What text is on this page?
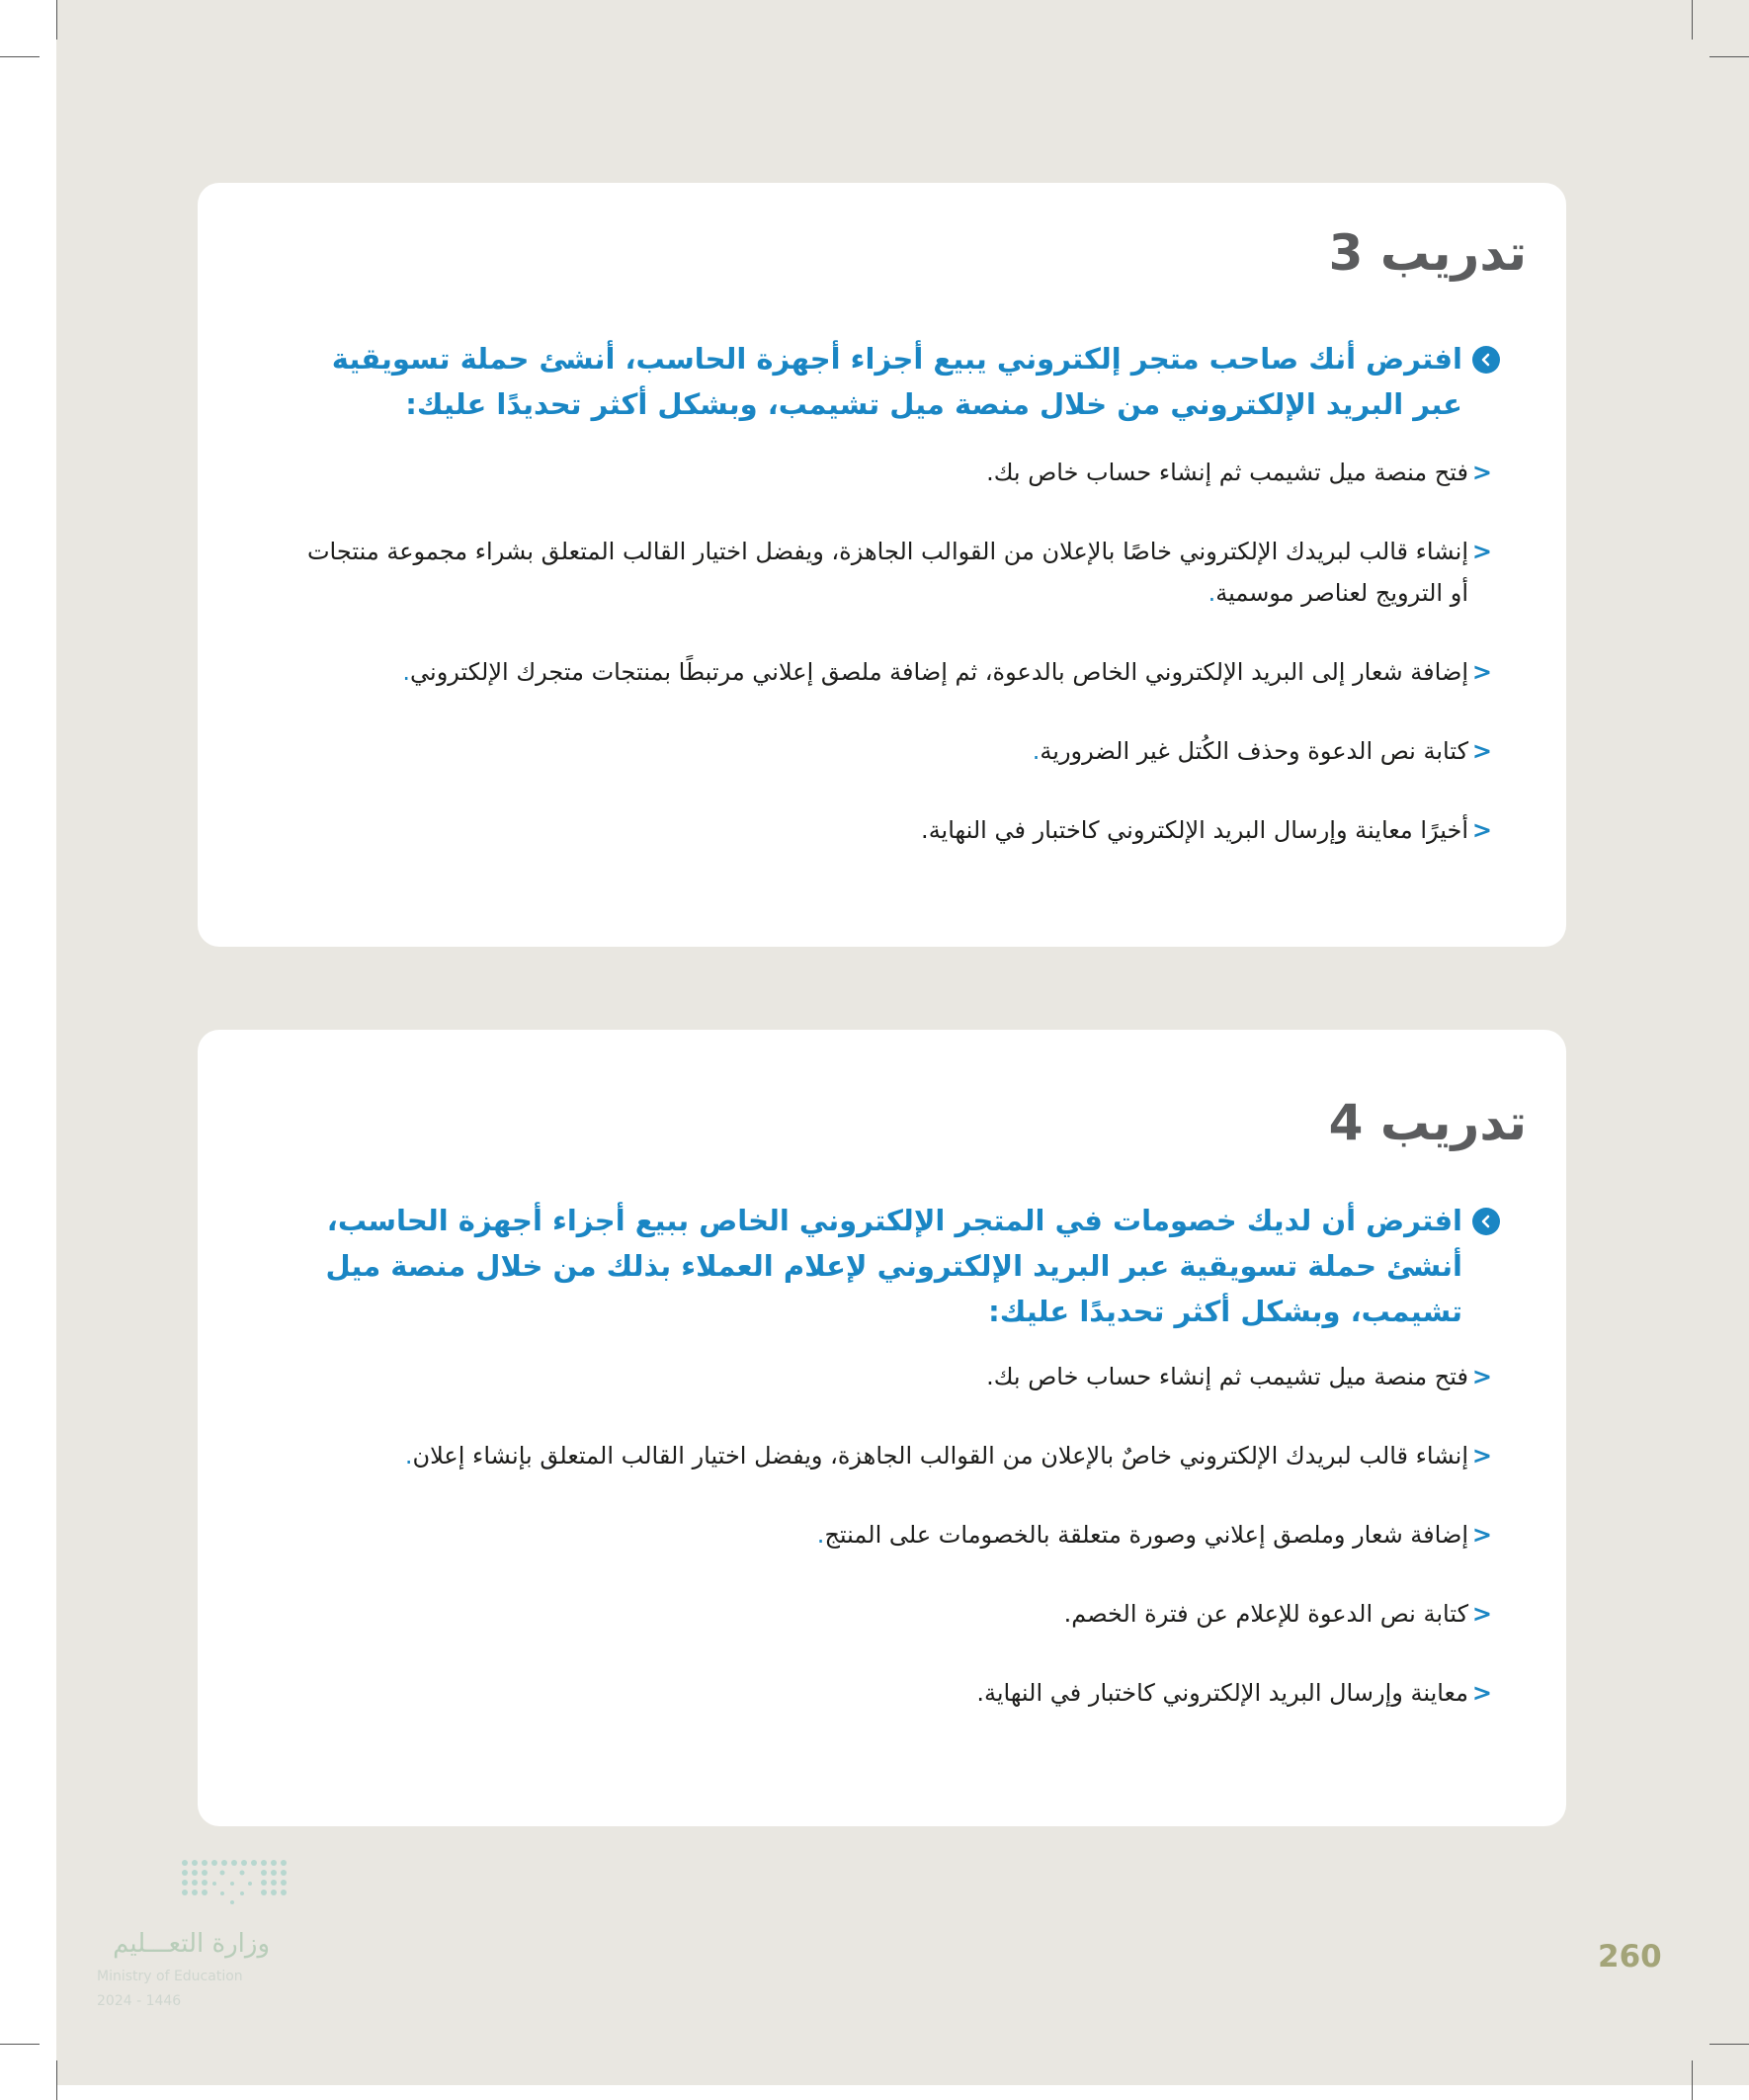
تدريب 3

افترض أنك صاحب متجر إلكتروني يبيع أجزاء أجهزة الحاسب، أنشئ حملة تسويقية عبر البريد الإلكتروني من خلال منصة ميل تشيمب، وبشكل أكثر تحديدًا عليك:

<
فتح منصة ميل تشيمب ثم إنشاء حساب خاص بك.
<
إنشاء قالب لبريدك الإلكتروني خاصًا بالإعلان من القوالب الجاهزة، ويفضل اختيار القالب المتعلق بشراء مجموعة منتجات أو الترويج لعناصر موسمية.
<
إضافة شعار إلى البريد الإلكتروني الخاص بالدعوة، ثم إضافة ملصق إعلاني مرتبطًا بمنتجات متجرك الإلكتروني.
<
كتابة نص الدعوة وحذف الكُتل غير الضرورية.
<
أخيرًا معاينة وإرسال البريد الإلكتروني كاختبار في النهاية.
تدريب 4

افترض أن لديك خصومات في المتجر الإلكتروني الخاص ببيع أجزاء أجهزة الحاسب، أنشئ حملة تسويقية عبر البريد الإلكتروني لإعلام العملاء بذلك من خلال منصة ميل تشيمب، وبشكل أكثر تحديدًا عليك:

<
فتح منصة ميل تشيمب ثم إنشاء حساب خاص بك.
<
إنشاء قالب لبريدك الإلكتروني خاصٌ بالإعلان من القوالب الجاهزة، ويفضل اختيار القالب المتعلق بإنشاء إعلان.
<
إضافة شعار وملصق إعلاني وصورة متعلقة بالخصومات على المنتج.
<
كتابة نص الدعوة للإعلام عن فترة الخصم.
<
معاينة وإرسال البريد الإلكتروني كاختبار في النهاية.
وزارة التعـــليم
Ministry of Education
2024 - 1446
260
